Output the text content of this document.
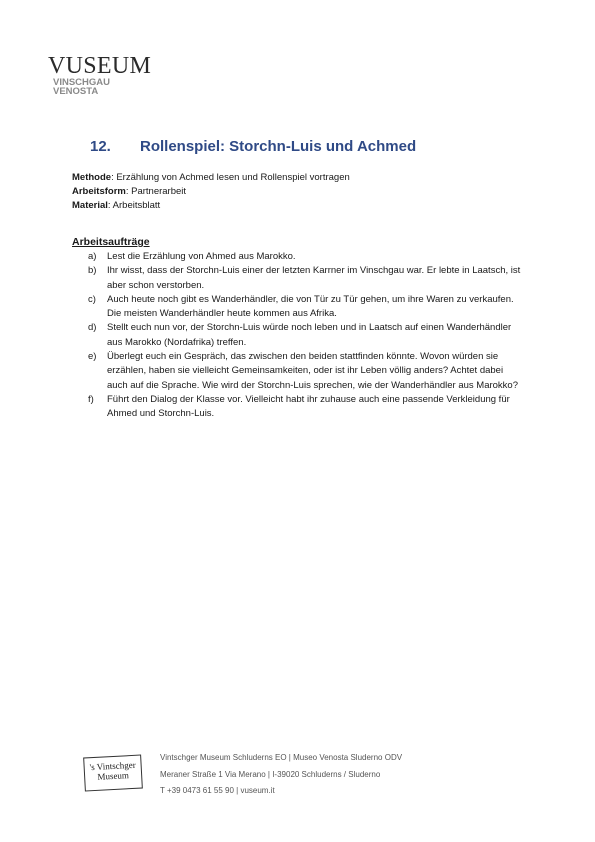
VUSEUM
VINSCHGAU
VENOSTA
12. Rollenspiel: Storchn-Luis und Achmed
Methode: Erzählung von Achmed lesen und Rollenspiel vortragen
Arbeitsform: Partnerarbeit
Material: Arbeitsblatt
Arbeitsaufträge
a)	Lest die Erzählung von Ahmed aus Marokko.
b)	Ihr wisst, dass der Storchn-Luis einer der letzten Karrner im Vinschgau war. Er lebte in Laatsch, ist aber schon verstorben.
c)	Auch heute noch gibt es Wanderhändler, die von Tür zu Tür gehen, um ihre Waren zu verkaufen. Die meisten Wanderhändler heute kommen aus Afrika.
d)	Stellt euch nun vor, der Storchn-Luis würde noch leben und in Laatsch auf einen Wanderhändler aus Marokko (Nordafrika) treffen.
e)	Überlegt euch ein Gespräch, das zwischen den beiden stattfinden könnte. Wovon würden sie erzählen, haben sie vielleicht Gemeinsamkeiten, oder ist ihr Leben völlig anders? Achtet dabei auch auf die Sprache. Wie wird der Storchn-Luis sprechen, wie der Wanderhändler aus Marokko?
f)	Führt den Dialog der Klasse vor. Vielleicht habt ihr zuhause auch eine passende Verkleidung für Ahmed und Storchn-Luis.
's Vintschger
Museum
Vintschger Museum Schluderns EO | Museo Venosta Sluderno ODV
Meraner Straße 1 Via Merano | I-39020 Schluderns / Sluderno
T +39 0473 61 55 90 | vuseum.it
